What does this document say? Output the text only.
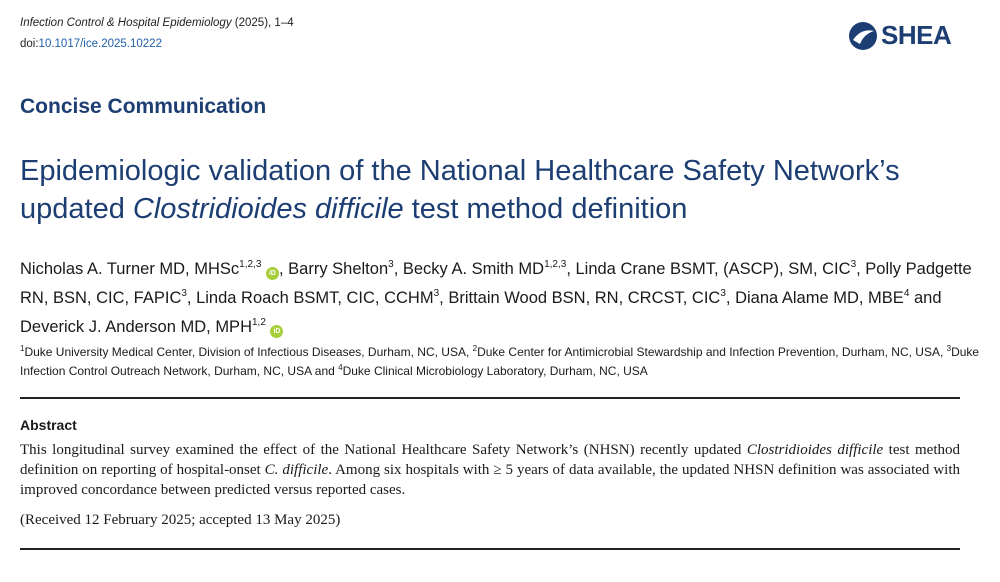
Infection Control & Hospital Epidemiology (2025), 1–4
doi:10.1017/ice.2025.10222	SHEA
Concise Communication
Epidemiologic validation of the National Healthcare Safety Network’s updated Clostridioides difficile test method definition
Nicholas A. Turner MD, MHSc$^{1,2,3}$ iD , Barry Shelton$^3$, Becky A. Smith MD$^{1,2,3}$, Linda Crane BSMT, (ASCP), SM, CIC$^3$, Polly Padgette RN, BSN, CIC, FAPIC$^3$, Linda Roach BSMT, CIC, CCHM$^3$, Brittain Wood BSN, RN, CRCST, CIC$^3$, Diana Alame MD, MBE$^4$ and Deverick J. Anderson MD, MPH$^{1,2}$ iD
$^1$Duke University Medical Center, Division of Infectious Diseases, Durham, NC, USA, $^2$Duke Center for Antimicrobial Stewardship and Infection Prevention, Durham, NC, USA, $^3$Duke Infection Control Outreach Network, Durham, NC, USA and $^4$Duke Clinical Microbiology Laboratory, Durham, NC, USA
Abstract
This longitudinal survey examined the effect of the National Healthcare Safety Network’s (NHSN) recently updated Clostridioides difficile test method definition on reporting of hospital-onset C. difficile. Among six hospitals with ≥ 5 years of data available, the updated NHSN definition was associated with improved concordance between predicted versus reported cases.
(Received 12 February 2025; accepted 13 May 2025)
